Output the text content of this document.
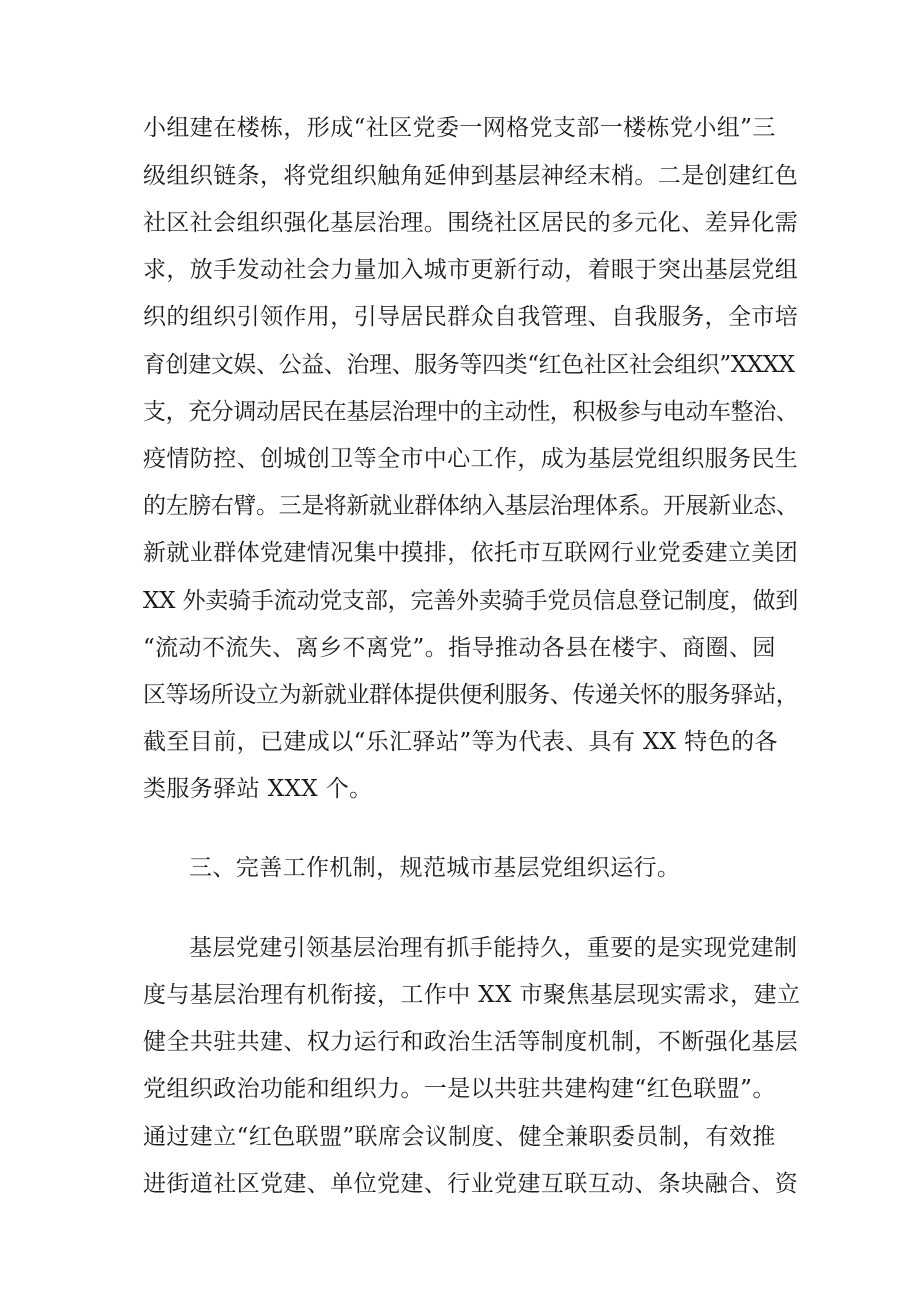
小组建在楼栋，形成“社区党委一网格党支部一楼栋党小组”三
级组织链条，将党组织触角延伸到基层神经末梢。二是创建红色
社区社会组织强化基层治理。围绕社区居民的多元化、差异化需
求，放手发动社会力量加入城市更新行动，着眼于突出基层党组
织的组织引领作用，引导居民群众自我管理、自我服务，全市培
育创建文娱、公益、治理、服务等四类“红色社区社会组织”XXXX
支，充分调动居民在基层治理中的主动性，积极参与电动车整治、
疫情防控、创城创卫等全市中心工作，成为基层党组织服务民生
的左膀右臂。三是将新就业群体纳入基层治理体系。开展新业态、
新就业群体党建情况集中摸排，依托市互联网行业党委建立美团
XX 外卖骑手流动党支部，完善外卖骑手党员信息登记制度，做到
“流动不流失、离乡不离党”。指导推动各县在楼宇、商圈、园
区等场所设立为新就业群体提供便利服务、传递关怀的服务驿站，
截至目前，已建成以“乐汇驿站”等为代表、具有 XX 特色的各
类服务驿站 XXX 个。
三、完善工作机制，规范城市基层党组织运行。
基层党建引领基层治理有抓手能持久，重要的是实现党建制
度与基层治理有机衔接，工作中 XX 市聚焦基层现实需求，建立
健全共驻共建、权力运行和政治生活等制度机制，不断强化基层
党组织政治功能和组织力。一是以共驻共建构建“红色联盟”。
通过建立“红色联盟”联席会议制度、健全兼职委员制，有效推
进街道社区党建、单位党建、行业党建互联互动、条块融合、资
